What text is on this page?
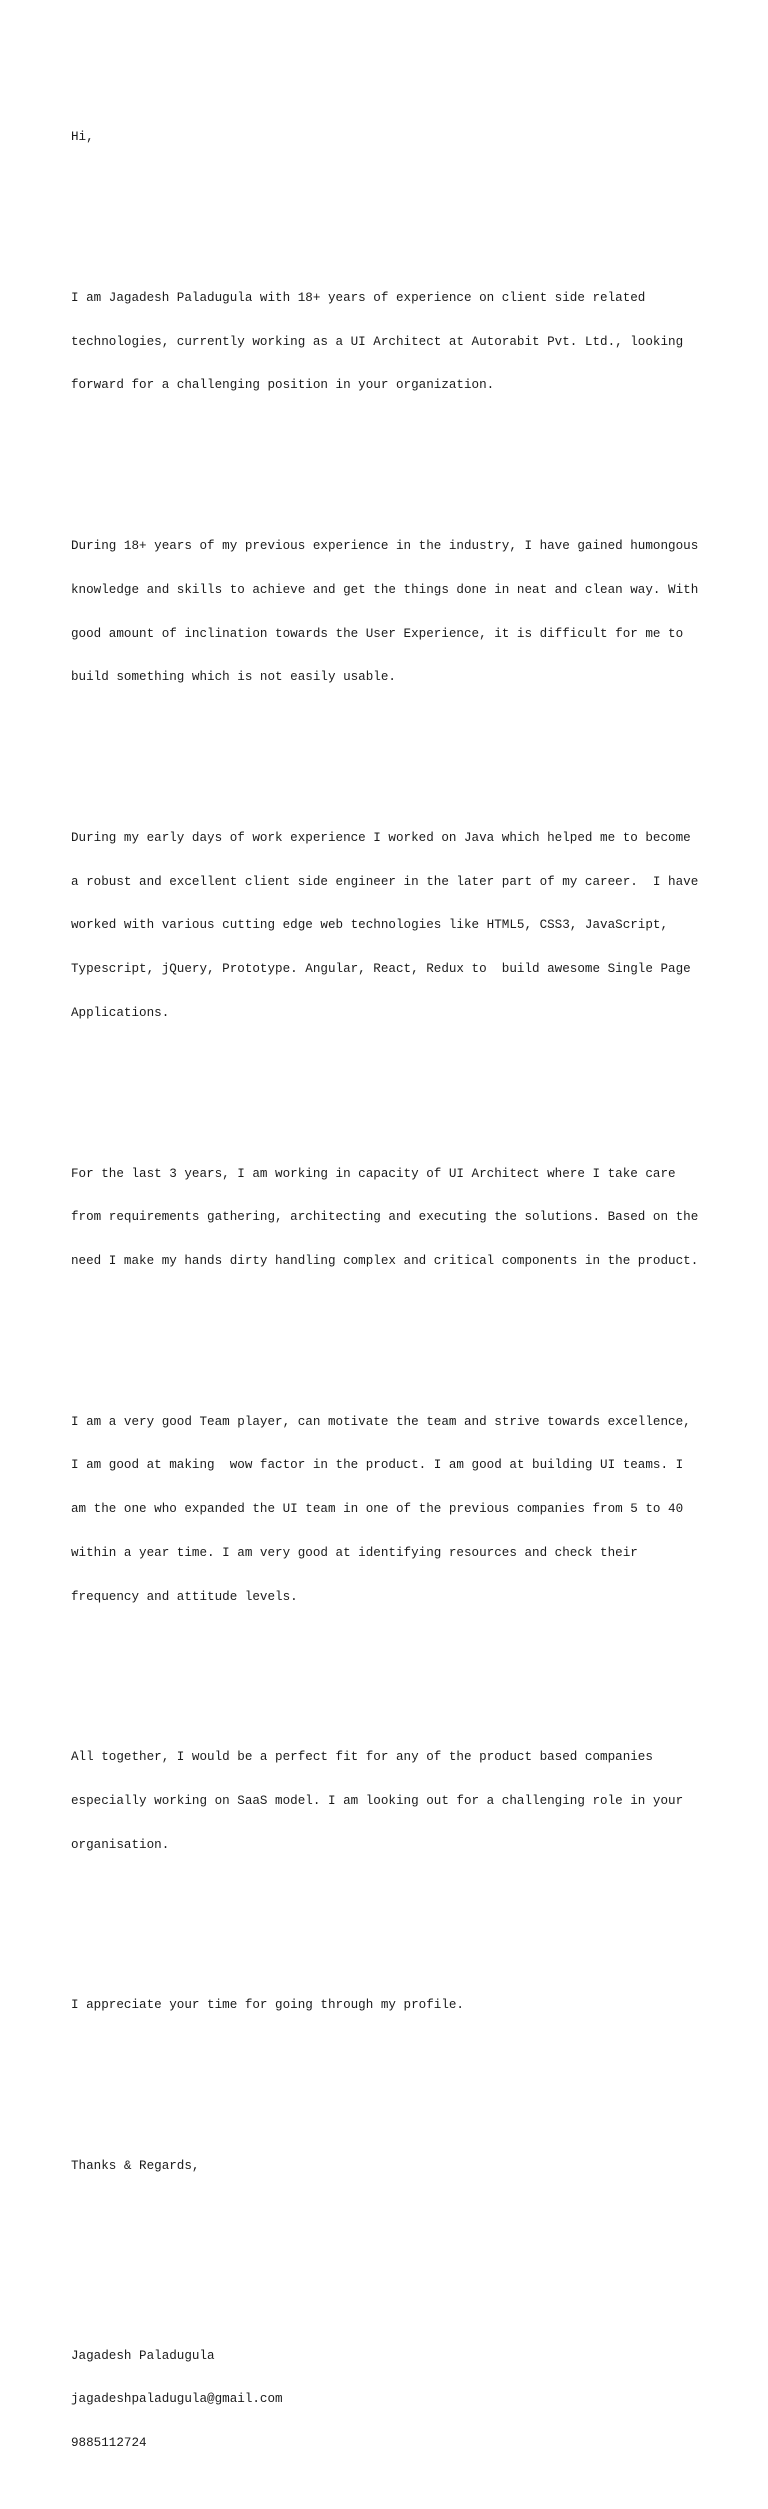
Hi,

I am Jagadesh Paladugula with 18+ years of experience on client side related

technologies, currently working as a UI Architect at Autorabit Pvt. Ltd., looking

forward for a challenging position in your organization.

During 18+ years of my previous experience in the industry, I have gained humongous

knowledge and skills to achieve and get the things done in neat and clean way. With

good amount of inclination towards the User Experience, it is difficult for me to

build something which is not easily usable.

During my early days of work experience I worked on Java which helped me to become

a robust and excellent client side engineer in the later part of my career.  I have

worked with various cutting edge web technologies like HTML5, CSS3, JavaScript,

Typescript, jQuery, Prototype. Angular, React, Redux to  build awesome Single Page

Applications.

For the last 3 years, I am working in capacity of UI Architect where I take care

from requirements gathering, architecting and executing the solutions. Based on the

need I make my hands dirty handling complex and critical components in the product.

I am a very good Team player, can motivate the team and strive towards excellence,

I am good at making  wow factor in the product. I am good at building UI teams. I

am the one who expanded the UI team in one of the previous companies from 5 to 40

within a year time. I am very good at identifying resources and check their

frequency and attitude levels.

All together, I would be a perfect fit for any of the product based companies

especially working on SaaS model. I am looking out for a challenging role in your

organisation.

I appreciate your time for going through my profile.

Thanks & Regards,

Jagadesh Paladugula

jagadeshpaladugula@gmail.com

9885112724
